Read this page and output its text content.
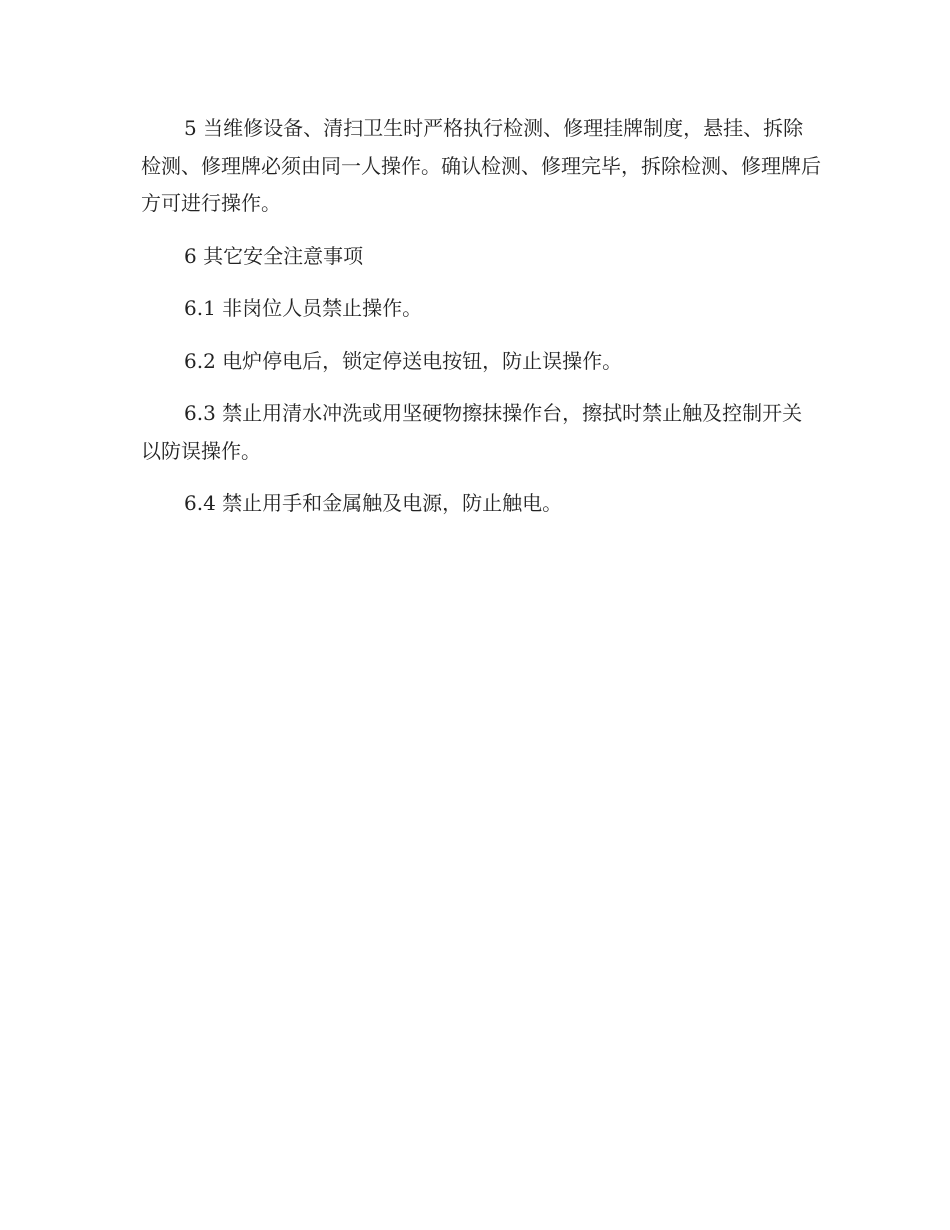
5 当维修设备、清扫卫生时严格执行检测、修理挂牌制度，悬挂、拆除检测、修理牌必须由同一人操作。确认检测、修理完毕，拆除检测、修理牌后方可进行操作。

6 其它安全注意事项

6.1 非岗位人员禁止操作。

6.2 电炉停电后，锁定停送电按钮，防止误操作。

6.3 禁止用清水冲洗或用坚硬物擦抹操作台，擦拭时禁止触及控制开关以防误操作。

6.4 禁止用手和金属触及电源，防止触电。
